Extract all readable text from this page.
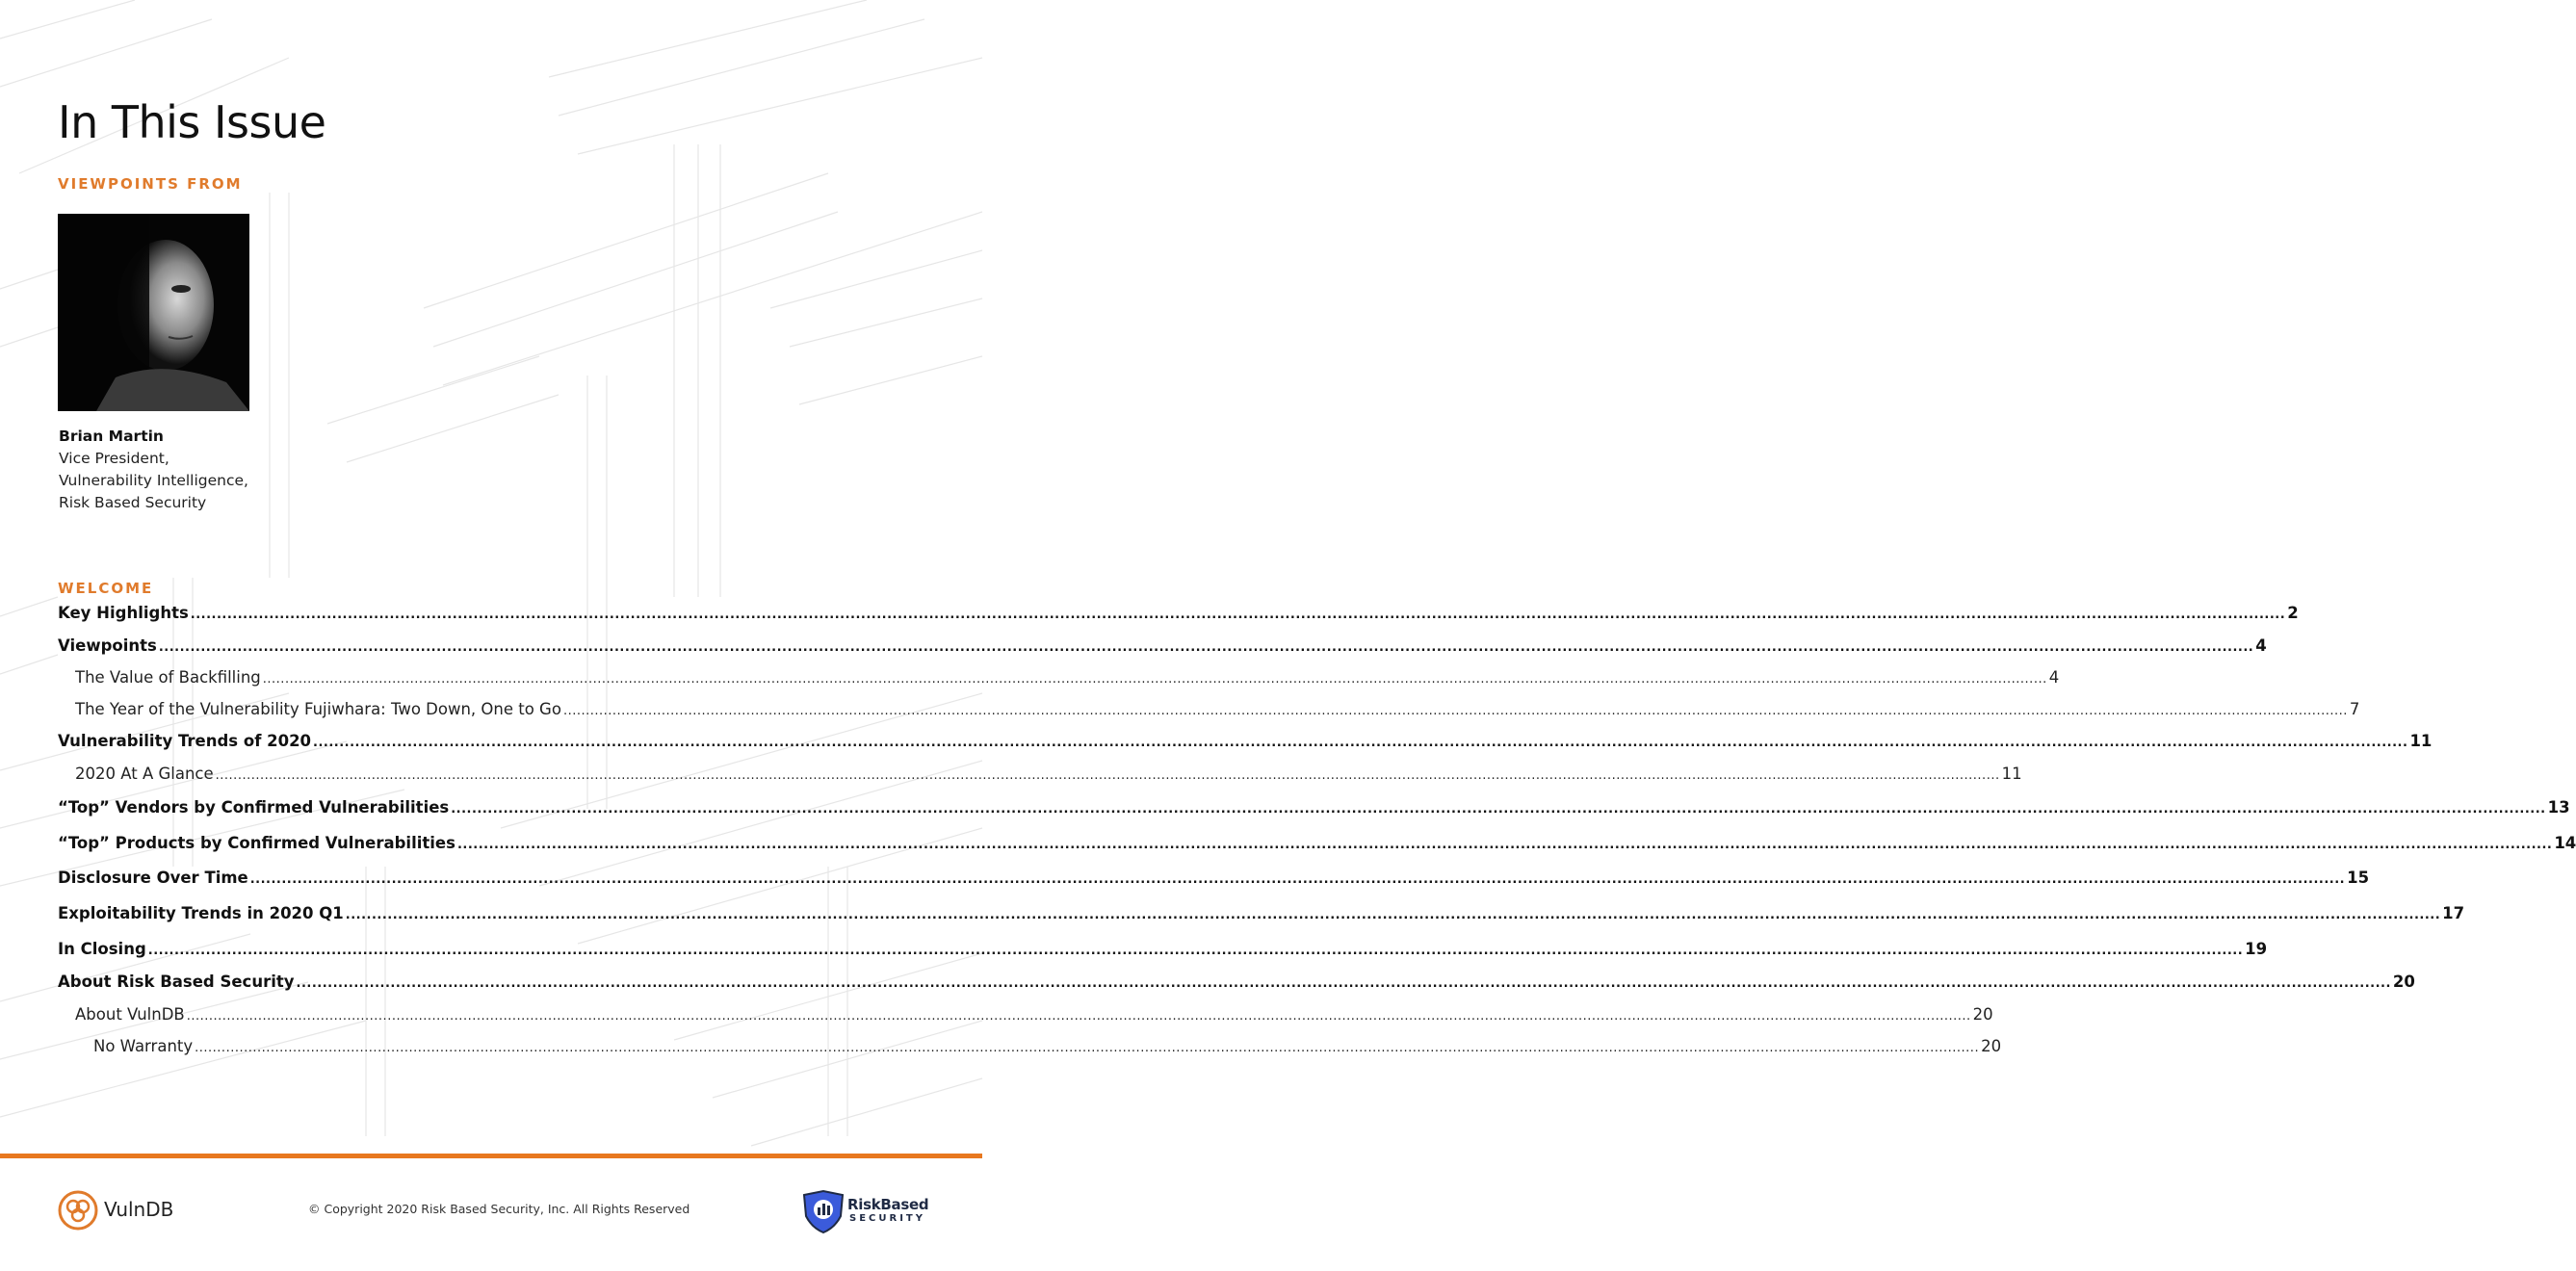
In This Issue
VIEWPOINTS FROM
Brian Martin
Vice President,
Vulnerability Intelligence,
Risk Based Security
WELCOME
Key Highlights ................................................................................................................................................................................................................................................................................................................................................................................................................ 2
Viewpoints ................................................................................................................................................................................................................................................................................................................................................................................................................ 4
The Value of Backfilling ................................................................................................................................................................................................................................................................................................................................................................................................................ 4
The Year of the Vulnerability Fujiwhara: Two Down, One to Go ................................................................................................................................................................................................................................................................................................................................................................................................................ 7
Vulnerability Trends of 2020 ................................................................................................................................................................................................................................................................................................................................................................................................................ 11
2020 At A Glance ................................................................................................................................................................................................................................................................................................................................................................................................................ 11
“Top” Vendors by Confirmed Vulnerabilities ................................................................................................................................................................................................................................................................................................................................................................................................................ 13
“Top” Products by Confirmed Vulnerabilities ................................................................................................................................................................................................................................................................................................................................................................................................................ 14
Disclosure Over Time ................................................................................................................................................................................................................................................................................................................................................................................................................ 15
Exploitability Trends in 2020 Q1 ................................................................................................................................................................................................................................................................................................................................................................................................................ 17
In Closing ................................................................................................................................................................................................................................................................................................................................................................................................................ 19
About Risk Based Security ................................................................................................................................................................................................................................................................................................................................................................................................................ 20
About VulnDB ................................................................................................................................................................................................................................................................................................................................................................................................................ 20
No Warranty ................................................................................................................................................................................................................................................................................................................................................................................................................ 20
VulnDB	© Copyright 2020 Risk Based Security, Inc. All Rights Reserved	RiskBased
SECURITY
